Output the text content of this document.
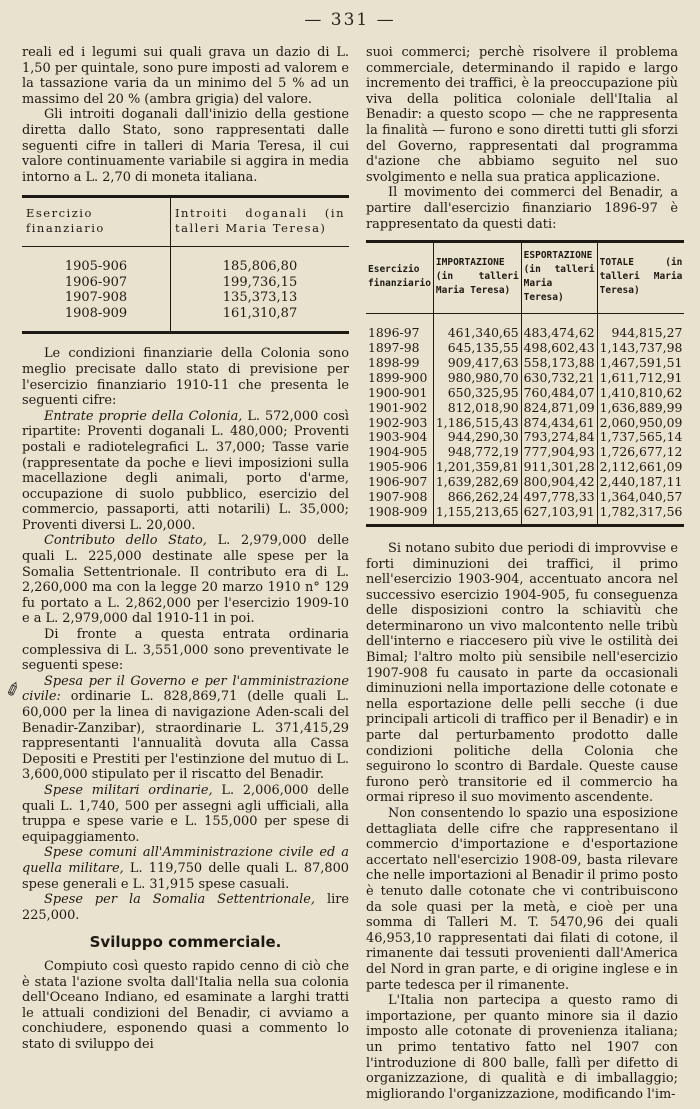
— 331 —
✐

reali ed i legumi sui quali grava un dazio di L. 1,50 per quintale, sono pure imposti ad valorem e la tassazione varia da un minimo del 5 % ad un massimo del 20 % (ambra grigia) del valore.

Gli introiti doganali dall'inizio della gestione diretta dallo Stato, sono rappresentati dalle seguenti cifre in talleri di Maria Teresa, il cui valore continuamente variabile si aggira in media intorno a L. 2,70 di moneta italiana.

Esercizio finanziario	Introiti doganali (in talleri Maria Teresa)
1905-906	185,806,80
1906-907	199,736,15
1907-908	135,373,13
1908-909	161,310,87

Le condizioni finanziarie della Colonia sono meglio precisate dallo stato di previsione per l'esercizio finanziario 1910-11 che presenta le seguenti cifre:

Entrate proprie della Colonia, L. 572,000 così ripartite: Proventi doganali L. 480,000; Proventi postali e radiotelegrafici L. 37,000; Tasse varie (rappresentate da poche e lievi imposizioni sulla macellazione degli animali, porto d'arme, occupazione di suolo pubblico, esercizio del commercio, passaporti, atti notarili) L. 35,000; Proventi diversi L. 20,000.

Contributo dello Stato, L. 2,979,000 delle quali L. 225,000 destinate alle spese per la Somalia Settentrionale. Il contributo era di L. 2,260,000 ma con la legge 20 marzo 1910 n° 129 fu portato a L. 2,862,000 per l'esercizio 1909-10 e a L. 2,979,000 dal 1910-11 in poi.

Di fronte a questa entrata ordinaria complessiva di L. 3,551,000 sono preventivate le seguenti spese:

Spesa per il Governo e per l'amministrazione civile: ordinarie L. 828,869,71 (delle quali L. 60,000 per la linea di navigazione Aden-scali del Benadir-Zanzibar), straordinarie L. 371,415,29 rappresentanti l'annualità dovuta alla Cassa Depositi e Prestiti per l'estinzione del mutuo di L. 3,600,000 stipulato per il riscatto del Benadir.

Spese militari ordinarie, L. 2,006,000 delle quali L. 1,740, 500 per assegni agli ufficiali, alla truppa e spese varie e L. 155,000 per spese di equipaggiamento.

Spese comuni all'Amministrazione civile ed a quella militare, L. 119,750 delle quali L. 87,800 spese generali e L. 31,915 spese casuali.

Spese per la Somalia Settentrionale, lire 225,000.

Sviluppo commerciale.

Compiuto così questo rapido cenno di ciò che è stata l'azione svolta dall'Italia nella sua colonia dell'Oceano Indiano, ed esaminate a larghi tratti le attuali condizioni del Benadir, ci avviamo a conchiudere, esponendo quasi a commento lo stato di sviluppo dei

suoi commerci; perchè risolvere il problema commerciale, determinando il rapido e largo incremento dei traffici, è la preoccupazione più viva della politica coloniale dell'Italia al Benadir: a questo scopo — che ne rappresenta la finalità — furono e sono diretti tutti gli sforzi del Governo, rappresentati dal programma d'azione che abbiamo seguito nel suo svolgimento e nella sua pratica applicazione.

Il movimento dei commerci del Benadir, a partire dall'esercizio finanziario 1896-97 è rappresentato da questi dati:

Esercizio finanziario	IMPORTAZIONE (in talleri Maria Teresa)	ESPORTAZIONE (in talleri Maria Teresa)	TOTALE (in talleri Maria Teresa)
1896-97	461,340,65	483,474,62	944,815,27
1897-98	645,135,55	498,602,43	1,143,737,98
1898-99	909,417,63	558,173,88	1,467,591,51
1899-900	980,980,70	630,732,21	1,611,712,91
1900-901	650,325,95	760,484,07	1,410,810,62
1901-902	812,018,90	824,871,09	1,636,889,99
1902-903	1,186,515,43	874,434,61	2,060,950,09
1903-904	944,290,30	793,274,84	1,737,565,14
1904-905	948,772,19	777,904,93	1,726,677,12
1905-906	1,201,359,81	911,301,28	2,112,661,09
1906-907	1,639,282,69	800,904,42	2,440,187,11
1907-908	866,262,24	497,778,33	1,364,040,57
1908-909	1,155,213,65	627,103,91	1,782,317,56

Si notano subito due periodi di improvvise e forti diminuzioni dei traffici, il primo nell'esercizio 1903-904, accentuato ancora nel successivo esercizio 1904-905, fu conseguenza delle disposizioni contro la schiavitù che determinarono un vivo malcontento nelle tribù dell'interno e riaccesero più vive le ostilità dei Bimal; l'altro molto più sensibile nell'esercizio 1907-908 fu causato in parte da occasionali diminuzioni nella importazione delle cotonate e nella esportazione delle pelli secche (i due principali articoli di traffico per il Benadir) e in parte dal perturbamento prodotto dalle condizioni politiche della Colonia che seguirono lo scontro di Bardale. Queste cause furono però transitorie ed il commercio ha ormai ripreso il suo movimento ascendente.

Non consentendo lo spazio una esposizione dettagliata delle cifre che rappresentano il commercio d'importazione e d'esportazione accertato nell'esercizio 1908-09, basta rilevare che nelle importazioni al Benadir il primo posto è tenuto dalle cotonate che vi contribuiscono da sole quasi per la metà, e cioè per una somma di Talleri M. T. 5470,96 dei quali 46,953,10 rappresentati dai filati di cotone, il rimanente dai tessuti provenienti dall'America del Nord in gran parte, e di origine inglese e in parte tedesca per il rimanente.

L'Italia non partecipa a questo ramo di importazione, per quanto minore sia il dazio imposto alle cotonate di provenienza italiana; un primo tentativo fatto nel 1907 con l'introduzione di 800 balle, fallì per difetto di organizzazione, di qualità e di imballaggio; migliorando l'organizzazione, modificando l'im-
